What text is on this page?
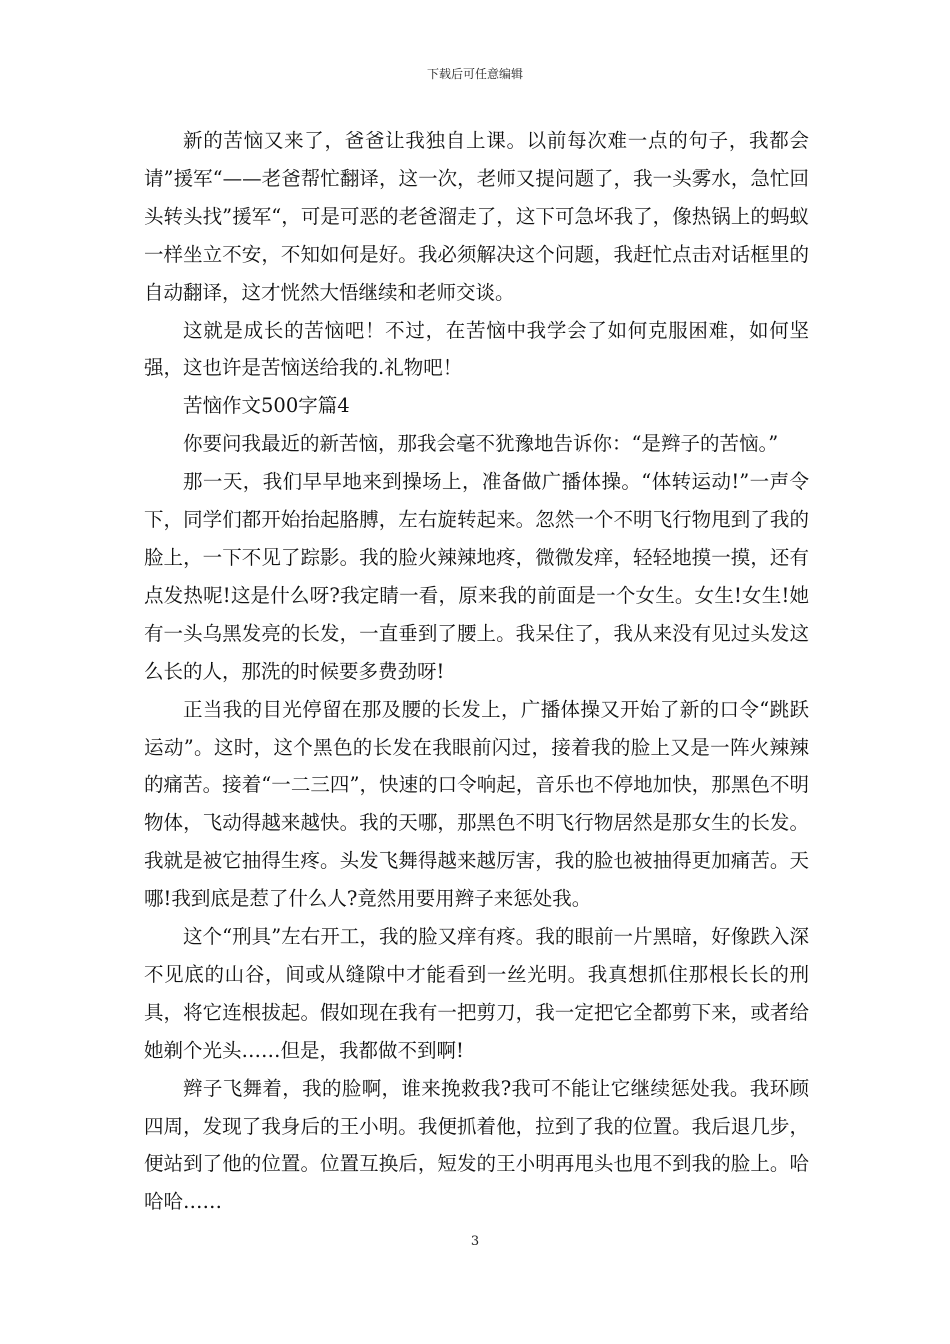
下载后可任意编辑

新的苦恼又来了，爸爸让我独自上课。以前每次难一点的句子，我都会请”援军“——老爸帮忙翻译，这一次，老师又提问题了，我一头雾水，急忙回头转头找”援军“，可是可恶的老爸溜走了，这下可急坏我了，像热锅上的蚂蚁一样坐立不安，不知如何是好。我必须解决这个问题，我赶忙点击对话框里的自动翻译，这才恍然大悟继续和老师交谈。

这就是成长的苦恼吧！不过，在苦恼中我学会了如何克服困难，如何坚强，这也许是苦恼送给我的.礼物吧！

苦恼作文500字篇4

你要问我最近的新苦恼，那我会毫不犹豫地告诉你：“是辫子的苦恼。”

那一天，我们早早地来到操场上，准备做广播体操。“体转运动!”一声令下，同学们都开始抬起胳膊，左右旋转起来。忽然一个不明飞行物甩到了我的脸上，一下不见了踪影。我的脸火辣辣地疼，微微发痒，轻轻地摸一摸，还有点发热呢!这是什么呀?我定睛一看，原来我的前面是一个女生。女生!女生!她有一头乌黑发亮的长发，一直垂到了腰上。我呆住了，我从来没有见过头发这么长的人，那洗的时候要多费劲呀!

正当我的目光停留在那及腰的长发上，广播体操又开始了新的口令“跳跃运动”。这时，这个黑色的长发在我眼前闪过，接着我的脸上又是一阵火辣辣的痛苦。接着“一二三四”，快速的口令响起，音乐也不停地加快，那黑色不明物体，飞动得越来越快。我的天哪，那黑色不明飞行物居然是那女生的长发。我就是被它抽得生疼。头发飞舞得越来越厉害，我的脸也被抽得更加痛苦。天哪!我到底是惹了什么人?竟然用要用辫子来惩处我。

这个“刑具”左右开工，我的脸又痒有疼。我的眼前一片黑暗，好像跌入深不见底的山谷，间或从缝隙中才能看到一丝光明。我真想抓住那根长长的刑具，将它连根拔起。假如现在我有一把剪刀，我一定把它全都剪下来，或者给她剃个光头……但是，我都做不到啊!

辫子飞舞着，我的脸啊，谁来挽救我?我可不能让它继续惩处我。我环顾四周，发现了我身后的王小明。我便抓着他，拉到了我的位置。我后退几步，便站到了他的位置。位置互换后，短发的王小明再甩头也甩不到我的脸上。哈哈哈……

3
